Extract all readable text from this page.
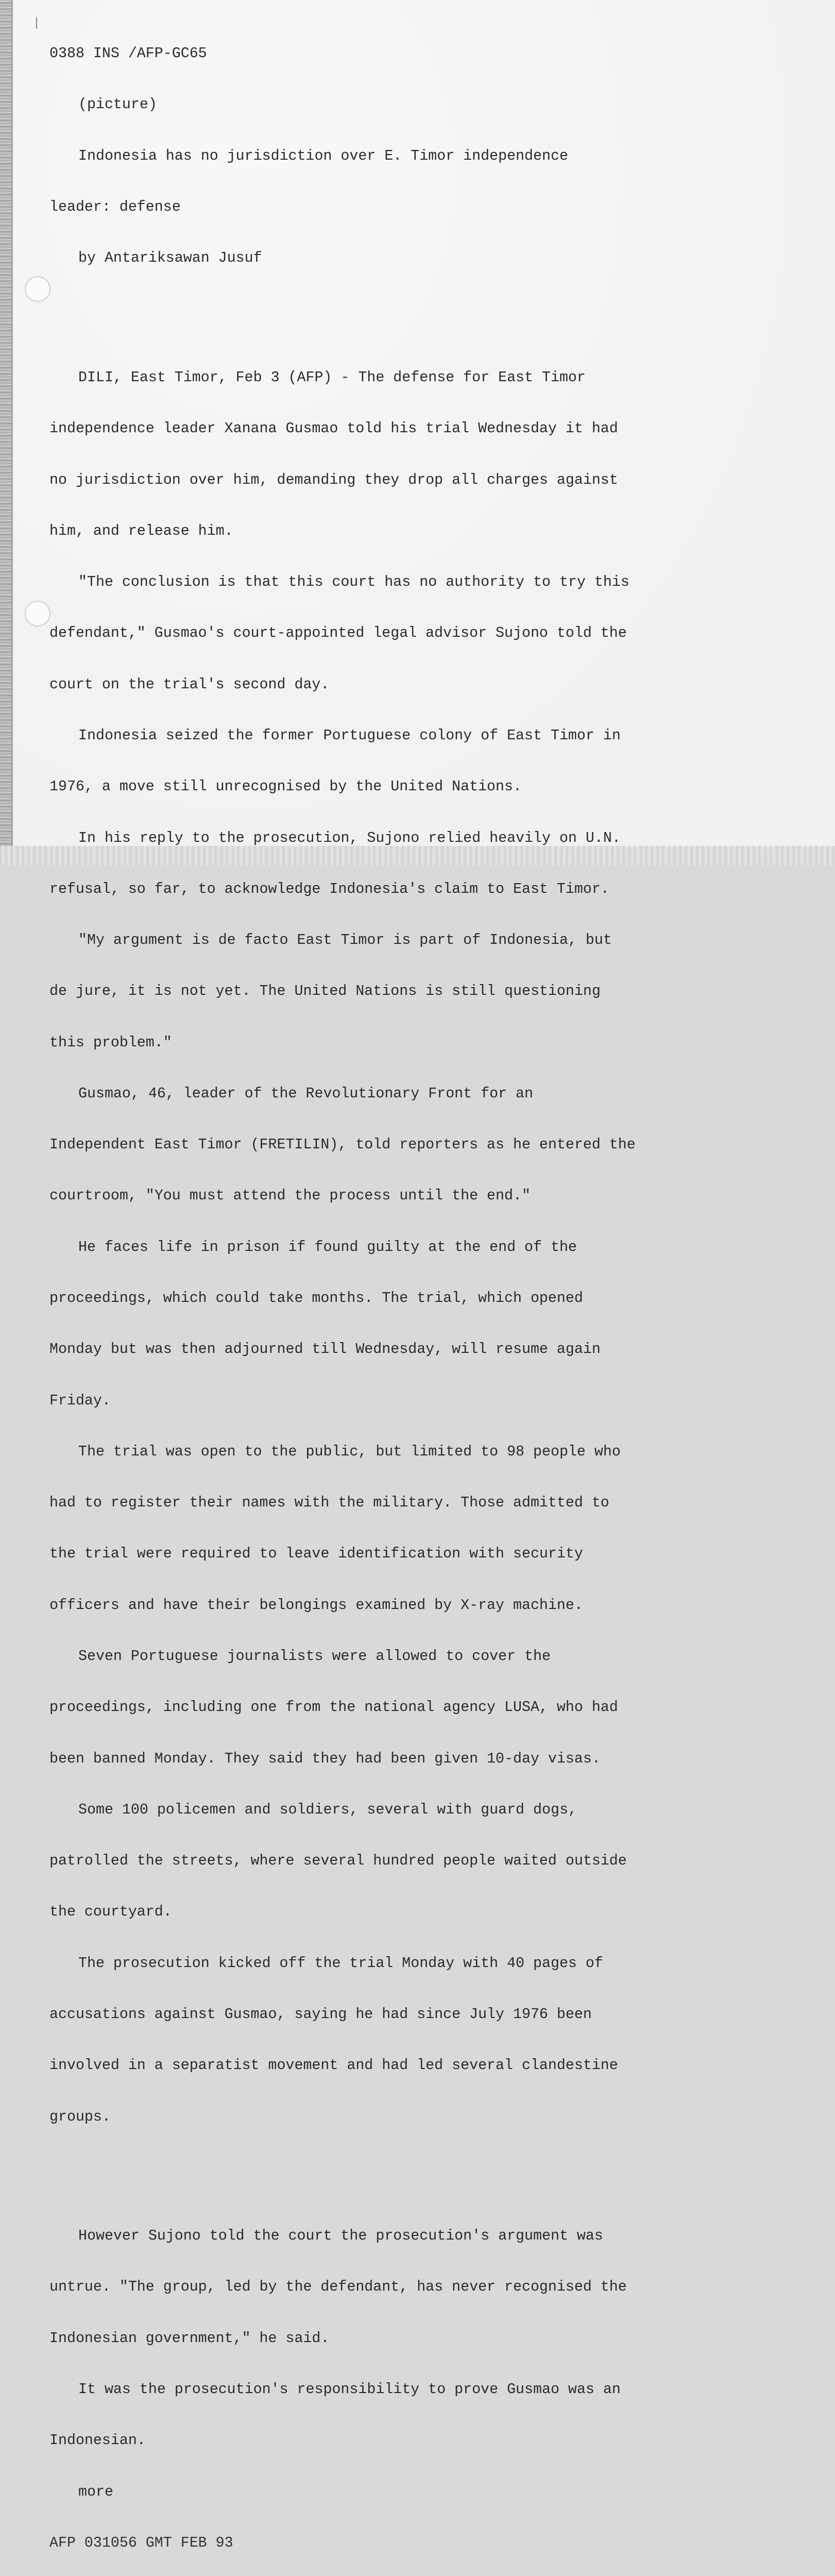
0388 INS /AFP-GC65

(picture)

Indonesia has no jurisdiction over E. Timor independence

leader: defense

by Antariksawan Jusuf

DILI, East Timor, Feb 3 (AFP) - The defense for East Timor

independence leader Xanana Gusmao told his trial Wednesday it had

no jurisdiction over him, demanding they drop all charges against

him, and release him.

"The conclusion is that this court has no authority to try this

defendant," Gusmao's court-appointed legal advisor Sujono told the

court on the trial's second day.

Indonesia seized the former Portuguese colony of East Timor in

1976, a move still unrecognised by the United Nations.

In his reply to the prosecution, Sujono relied heavily on U.N.

refusal, so far, to acknowledge Indonesia's claim to East Timor.

"My argument is de facto East Timor is part of Indonesia, but

de jure, it is not yet. The United Nations is still questioning

this problem."

Gusmao, 46, leader of the Revolutionary Front for an

Independent East Timor (FRETILIN), told reporters as he entered the

courtroom, "You must attend the process until the end."

He faces life in prison if found guilty at the end of the

proceedings, which could take months. The trial, which opened

Monday but was then adjourned till Wednesday, will resume again

Friday.

The trial was open to the public, but limited to 98 people who

had to register their names with the military. Those admitted to

the trial were required to leave identification with security

officers and have their belongings examined by X-ray machine.

Seven Portuguese journalists were allowed to cover the

proceedings, including one from the national agency LUSA, who had

been banned Monday. They said they had been given 10-day visas.

Some 100 policemen and soldiers, several with guard dogs,

patrolled the streets, where several hundred people waited outside

the courtyard.

The prosecution kicked off the trial Monday with 40 pages of

accusations against Gusmao, saying he had since July 1976 been

involved in a separatist movement and had led several clandestine

groups.

However Sujono told the court the prosecution's argument was

untrue. "The group, led by the defendant, has never recognised the

Indonesian government," he said.

It was the prosecution's responsibility to prove Gusmao was an

Indonesian.

more

AFP 031056 GMT FEB 93
